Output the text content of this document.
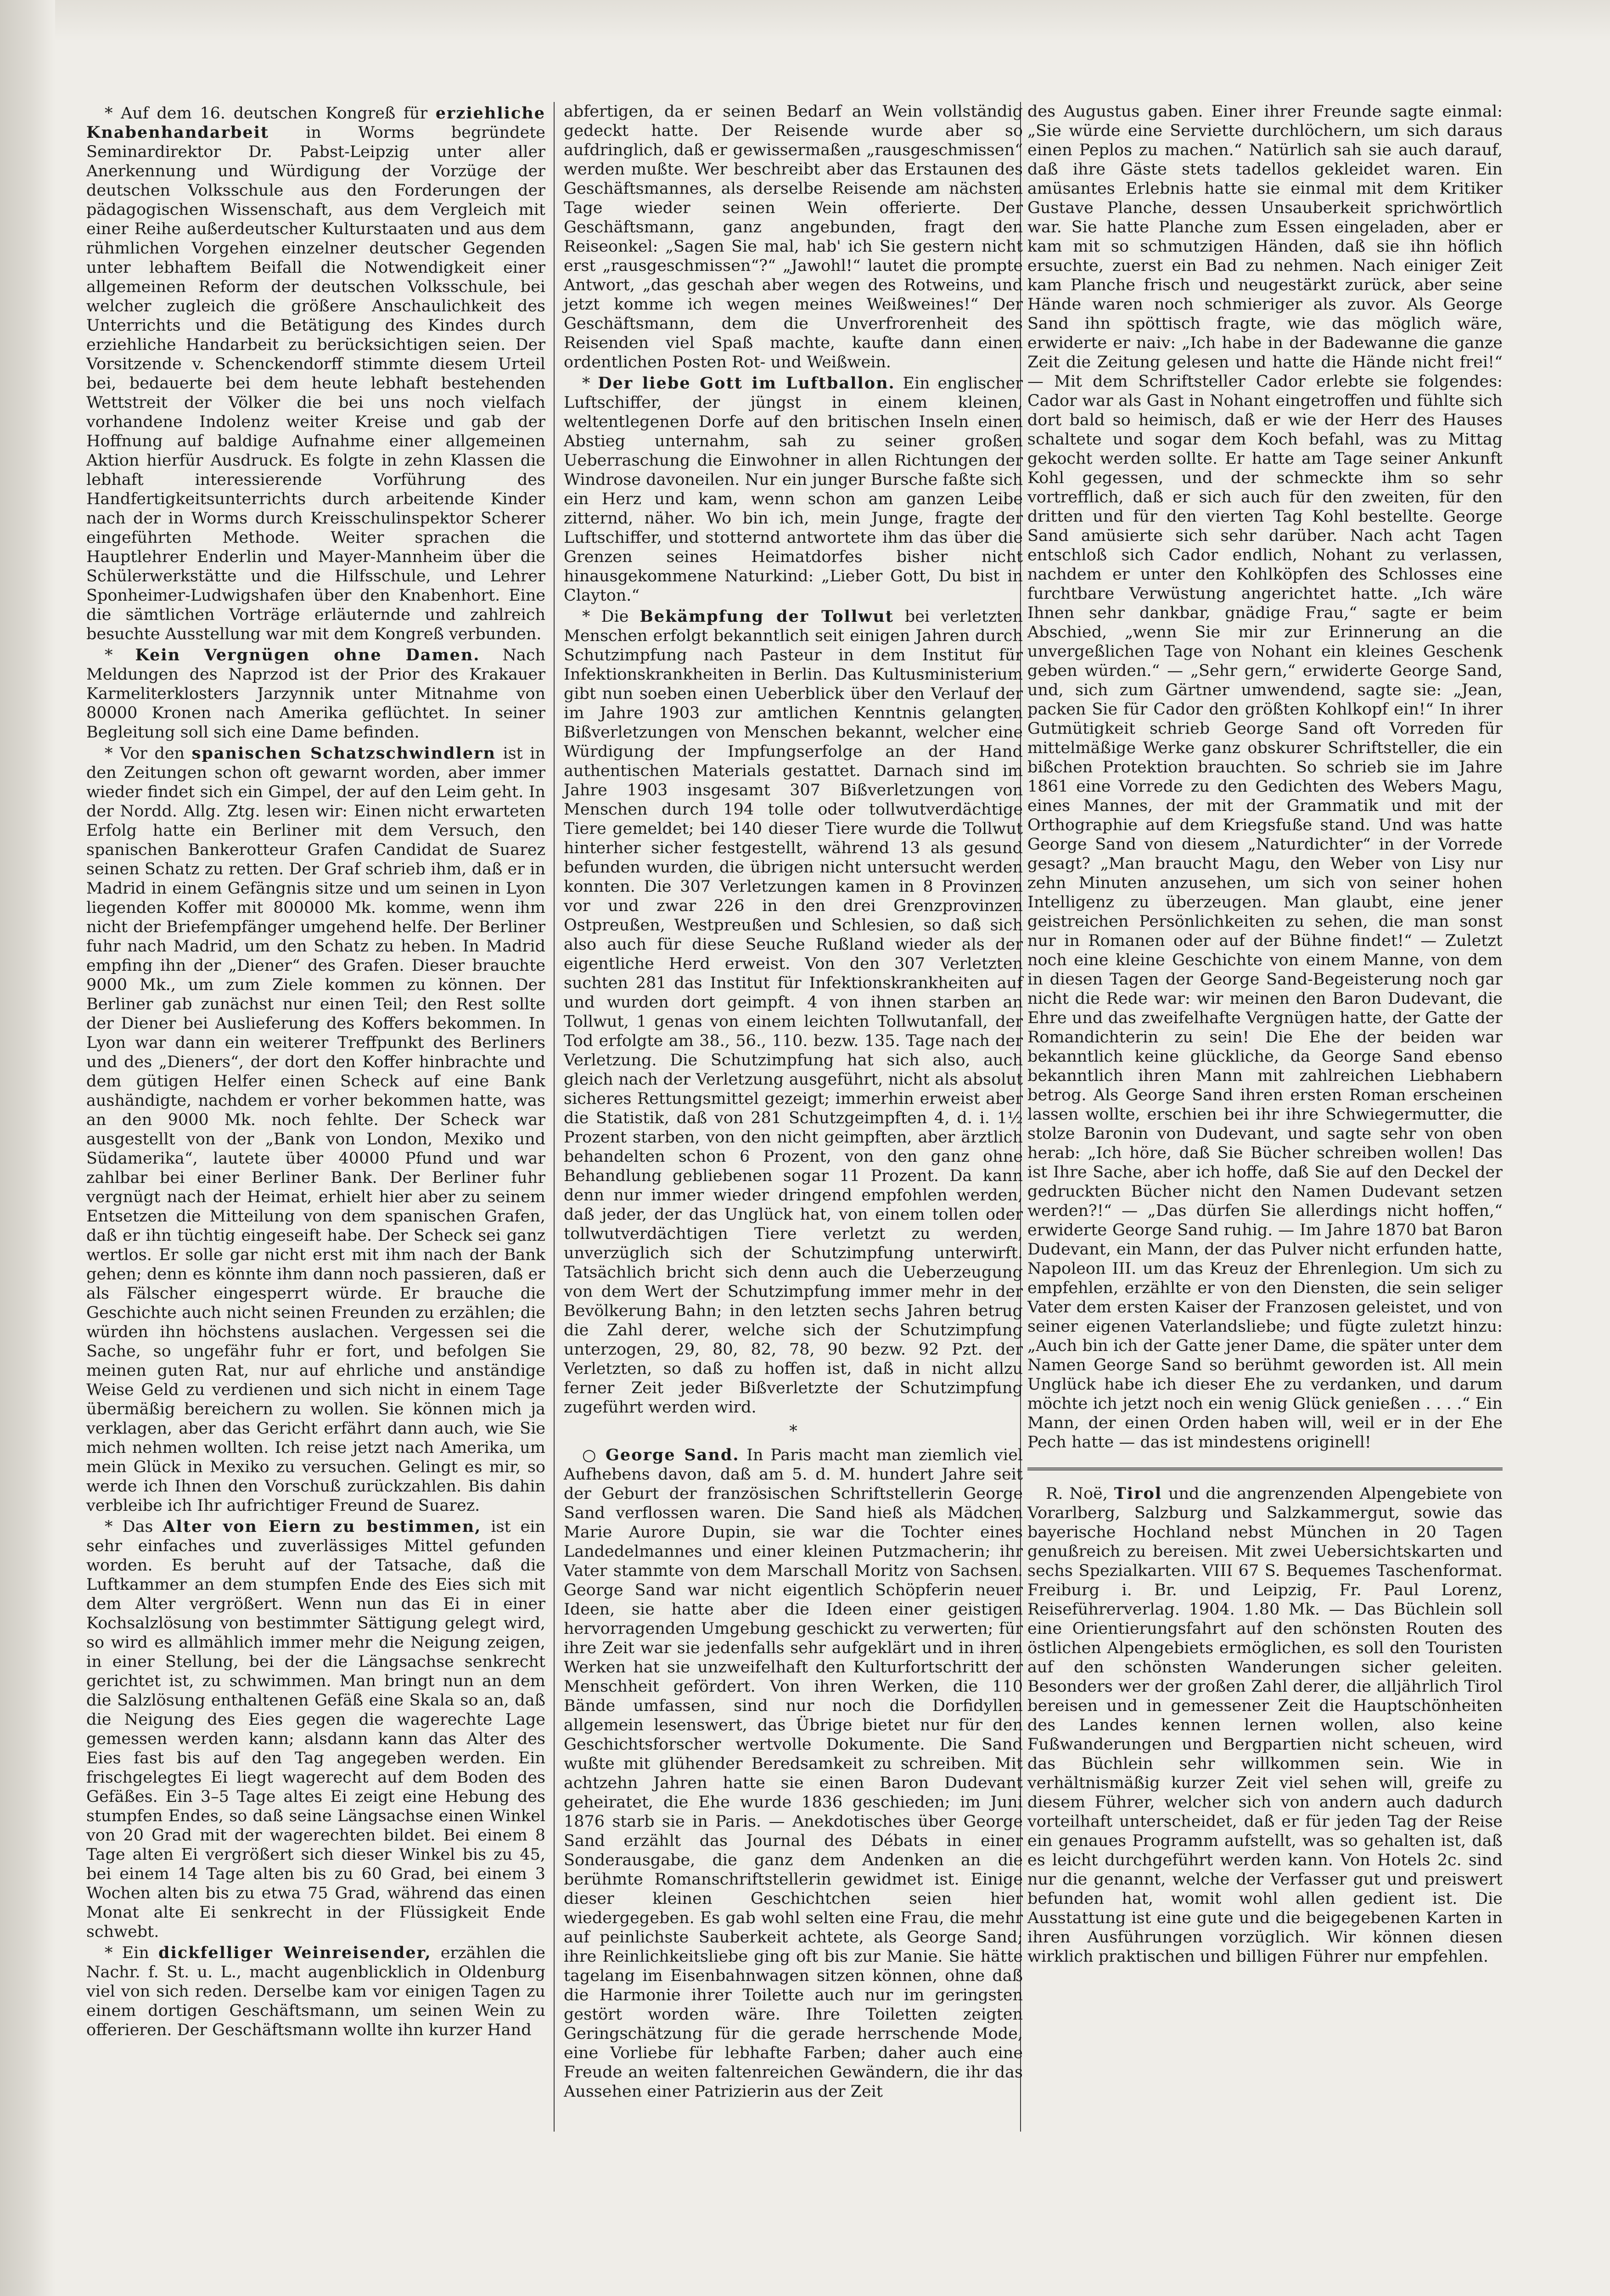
* Auf dem 16. deutschen Kongreß für erziehliche Knabenhandarbeit in Worms begründete Seminardirektor Dr. Pabst-Leipzig unter aller Anerkennung und Würdigung der Vorzüge der deutschen Volksschule aus den Forderungen der pädagogischen Wissenschaft, aus dem Vergleich mit einer Reihe außerdeutscher Kulturstaaten und aus dem rühmlichen Vorgehen einzelner deutscher Gegenden unter lebhaftem Beifall die Notwendigkeit einer allgemeinen Reform der deutschen Volksschule, bei welcher zugleich die größere Anschaulichkeit des Unterrichts und die Betätigung des Kindes durch erziehliche Handarbeit zu berücksichtigen seien. Der Vorsitzende v. Schenckendorff stimmte diesem Urteil bei, bedauerte bei dem heute lebhaft bestehenden Wettstreit der Völker die bei uns noch vielfach vorhandene Indolenz weiter Kreise und gab der Hoffnung auf baldige Aufnahme einer allgemeinen Aktion hierfür Ausdruck. Es folgte in zehn Klassen die lebhaft interessierende Vorführung des Handfertigkeitsunterrichts durch arbeitende Kinder nach der in Worms durch Kreisschulinspektor Scherer eingeführten Methode. Weiter sprachen die Hauptlehrer Enderlin und Mayer-Mannheim über die Schülerwerkstätte und die Hilfsschule, und Lehrer Sponheimer-Ludwigshafen über den Knabenhort. Eine die sämtlichen Vorträge erläuternde und zahlreich besuchte Ausstellung war mit dem Kongreß verbunden.

* Kein Vergnügen ohne Damen. Nach Meldungen des Naprzod ist der Prior des Krakauer Karmeliterklosters Jarzynnik unter Mitnahme von 80000 Kronen nach Amerika geflüchtet. In seiner Begleitung soll sich eine Dame befinden.

* Vor den spanischen Schatzschwindlern ist in den Zeitungen schon oft gewarnt worden, aber immer wieder findet sich ein Gimpel, der auf den Leim geht. In der Nordd. Allg. Ztg. lesen wir: Einen nicht erwarteten Erfolg hatte ein Berliner mit dem Versuch, den spanischen Bankerotteur Grafen Candidat de Suarez seinen Schatz zu retten. Der Graf schrieb ihm, daß er in Madrid in einem Gefängnis sitze und um seinen in Lyon liegenden Koffer mit 800000 Mk. komme, wenn ihm nicht der Briefempfänger umgehend helfe. Der Berliner fuhr nach Madrid, um den Schatz zu heben. In Madrid empfing ihn der „Diener“ des Grafen. Dieser brauchte 9000 Mk., um zum Ziele kommen zu können. Der Berliner gab zunächst nur einen Teil; den Rest sollte der Diener bei Auslieferung des Koffers bekommen. In Lyon war dann ein weiterer Treffpunkt des Berliners und des „Dieners“, der dort den Koffer hinbrachte und dem gütigen Helfer einen Scheck auf eine Bank aushändigte, nachdem er vorher bekommen hatte, was an den 9000 Mk. noch fehlte. Der Scheck war ausgestellt von der „Bank von London, Mexiko und Südamerika“, lautete über 40000 Pfund und war zahlbar bei einer Berliner Bank. Der Berliner fuhr vergnügt nach der Heimat, erhielt hier aber zu seinem Entsetzen die Mitteilung von dem spanischen Grafen, daß er ihn tüchtig eingeseift habe. Der Scheck sei ganz wertlos. Er solle gar nicht erst mit ihm nach der Bank gehen; denn es könnte ihm dann noch passieren, daß er als Fälscher eingesperrt würde. Er brauche die Geschichte auch nicht seinen Freunden zu erzählen; die würden ihn höchstens auslachen. Vergessen sei die Sache, so ungefähr fuhr er fort, und befolgen Sie meinen guten Rat, nur auf ehrliche und anständige Weise Geld zu verdienen und sich nicht in einem Tage übermäßig bereichern zu wollen. Sie können mich ja verklagen, aber das Gericht erfährt dann auch, wie Sie mich nehmen wollten. Ich reise jetzt nach Amerika, um mein Glück in Mexiko zu versuchen. Gelingt es mir, so werde ich Ihnen den Vorschuß zurückzahlen. Bis dahin verbleibe ich Ihr aufrichtiger Freund de Suarez.

* Das Alter von Eiern zu bestimmen, ist ein sehr einfaches und zuverlässiges Mittel gefunden worden. Es beruht auf der Tatsache, daß die Luftkammer an dem stumpfen Ende des Eies sich mit dem Alter vergrößert. Wenn nun das Ei in einer Kochsalzlösung von bestimmter Sättigung gelegt wird, so wird es allmählich immer mehr die Neigung zeigen, in einer Stellung, bei der die Längsachse senkrecht gerichtet ist, zu schwimmen. Man bringt nun an dem die Salzlösung enthaltenen Gefäß eine Skala so an, daß die Neigung des Eies gegen die wagerechte Lage gemessen werden kann; alsdann kann das Alter des Eies fast bis auf den Tag angegeben werden. Ein frischgelegtes Ei liegt wagerecht auf dem Boden des Gefäßes. Ein 3–5 Tage altes Ei zeigt eine Hebung des stumpfen Endes, so daß seine Längsachse einen Winkel von 20 Grad mit der wagerechten bildet. Bei einem 8 Tage alten Ei vergrößert sich dieser Winkel bis zu 45, bei einem 14 Tage alten bis zu 60 Grad, bei einem 3 Wochen alten bis zu etwa 75 Grad, während das einen Monat alte Ei senkrecht in der Flüssigkeit Ende schwebt.

* Ein dickfelliger Weinreisender, erzählen die Nachr. f. St. u. L., macht augenblicklich in Oldenburg viel von sich reden. Derselbe kam vor einigen Tagen zu einem dortigen Geschäftsmann, um seinen Wein zu offerieren. Der Geschäftsmann wollte ihn kurzer Hand

abfertigen, da er seinen Bedarf an Wein vollständig gedeckt hatte. Der Reisende wurde aber so aufdringlich, daß er gewissermaßen „rausgeschmissen“ werden mußte. Wer beschreibt aber das Erstaunen des Geschäftsmannes, als derselbe Reisende am nächsten Tage wieder seinen Wein offerierte. Der Geschäftsmann, ganz angebunden, fragt den Reiseonkel: „Sagen Sie mal, hab' ich Sie gestern nicht erst „rausgeschmissen“?“ „Jawohl!“ lautet die prompte Antwort, „das geschah aber wegen des Rotweins, und jetzt komme ich wegen meines Weißweines!“ Der Geschäftsmann, dem die Unverfrorenheit des Reisenden viel Spaß machte, kaufte dann einen ordentlichen Posten Rot- und Weißwein.

* Der liebe Gott im Luftballon. Ein englischer Luftschiffer, der jüngst in einem kleinen, weltentlegenen Dorfe auf den britischen Inseln einen Abstieg unternahm, sah zu seiner großen Ueberraschung die Einwohner in allen Richtungen der Windrose davoneilen. Nur ein junger Bursche faßte sich ein Herz und kam, wenn schon am ganzen Leibe zitternd, näher. Wo bin ich, mein Junge, fragte der Luftschiffer, und stotternd antwortete ihm das über die Grenzen seines Heimatdorfes bisher nicht hinausgekommene Naturkind: „Lieber Gott, Du bist in Clayton.“

* Die Bekämpfung der Tollwut bei verletzten Menschen erfolgt bekanntlich seit einigen Jahren durch Schutzimpfung nach Pasteur in dem Institut für Infektionskrankheiten in Berlin. Das Kultusministerium gibt nun soeben einen Ueberblick über den Verlauf der im Jahre 1903 zur amtlichen Kenntnis gelangten Bißverletzungen von Menschen bekannt, welcher eine Würdigung der Impfungserfolge an der Hand authentischen Materials gestattet. Darnach sind im Jahre 1903 insgesamt 307 Bißverletzungen von Menschen durch 194 tolle oder tollwutverdächtige Tiere gemeldet; bei 140 dieser Tiere wurde die Tollwut hinterher sicher festgestellt, während 13 als gesund befunden wurden, die übrigen nicht untersucht werden konnten. Die 307 Verletzungen kamen in 8 Provinzen vor und zwar 226 in den drei Grenzprovinzen Ostpreußen, Westpreußen und Schlesien, so daß sich also auch für diese Seuche Rußland wieder als der eigentliche Herd erweist. Von den 307 Verletzten suchten 281 das Institut für Infektionskrankheiten auf und wurden dort geimpft. 4 von ihnen starben an Tollwut, 1 genas von einem leichten Tollwutanfall, der Tod erfolgte am 38., 56., 110. bezw. 135. Tage nach der Verletzung. Die Schutzimpfung hat sich also, auch gleich nach der Verletzung ausgeführt, nicht als absolut sicheres Rettungsmittel gezeigt; immerhin erweist aber die Statistik, daß von 281 Schutzgeimpften 4, d. i. 1½ Prozent starben, von den nicht geimpften, aber ärztlich behandelten schon 6 Prozent, von den ganz ohne Behandlung gebliebenen sogar 11 Prozent. Da kann denn nur immer wieder dringend empfohlen werden, daß jeder, der das Unglück hat, von einem tollen oder tollwutverdächtigen Tiere verletzt zu werden, unverzüglich sich der Schutzimpfung unterwirft. Tatsächlich bricht sich denn auch die Ueberzeugung von dem Wert der Schutzimpfung immer mehr in der Bevölkerung Bahn; in den letzten sechs Jahren betrug die Zahl derer, welche sich der Schutzimpfung unterzogen, 29, 80, 82, 78, 90 bezw. 92 Pzt. der Verletzten, so daß zu hoffen ist, daß in nicht allzu ferner Zeit jeder Bißverletzte der Schutzimpfung zugeführt werden wird.

*

○ George Sand. In Paris macht man ziemlich viel Aufhebens davon, daß am 5. d. M. hundert Jahre seit der Geburt der französischen Schriftstellerin George Sand verflossen waren. Die Sand hieß als Mädchen Marie Aurore Dupin, sie war die Tochter eines Landedelmannes und einer kleinen Putzmacherin; ihr Vater stammte von dem Marschall Moritz von Sachsen. George Sand war nicht eigentlich Schöpferin neuer Ideen, sie hatte aber die Ideen einer geistigen hervorragenden Umgebung geschickt zu verwerten; für ihre Zeit war sie jedenfalls sehr aufgeklärt und in ihren Werken hat sie unzweifelhaft den Kulturfortschritt der Menschheit gefördert. Von ihren Werken, die 110 Bände umfassen, sind nur noch die Dorfidyllen allgemein lesenswert, das Übrige bietet nur für den Geschichtsforscher wertvolle Dokumente. Die Sand wußte mit glühender Beredsamkeit zu schreiben. Mit achtzehn Jahren hatte sie einen Baron Dudevant geheiratet, die Ehe wurde 1836 geschieden; im Juni 1876 starb sie in Paris. — Anekdotisches über George Sand erzählt das Journal des Débats in einer Sonderausgabe, die ganz dem Andenken an die berühmte Romanschriftstellerin gewidmet ist. Einige dieser kleinen Geschichtchen seien hier wiedergegeben. Es gab wohl selten eine Frau, die mehr auf peinlichste Sauberkeit achtete, als George Sand; ihre Reinlichkeitsliebe ging oft bis zur Manie. Sie hätte tagelang im Eisenbahnwagen sitzen können, ohne daß die Harmonie ihrer Toilette auch nur im geringsten gestört worden wäre. Ihre Toiletten zeigten Geringschätzung für die gerade herrschende Mode, eine Vorliebe für lebhafte Farben; daher auch eine Freude an weiten faltenreichen Gewändern, die ihr das Aussehen einer Patrizierin aus der Zeit

des Augustus gaben. Einer ihrer Freunde sagte einmal: „Sie würde eine Serviette durchlöchern, um sich daraus einen Peplos zu machen.“ Natürlich sah sie auch darauf, daß ihre Gäste stets tadellos gekleidet waren. Ein amüsantes Erlebnis hatte sie einmal mit dem Kritiker Gustave Planche, dessen Unsauberkeit sprichwörtlich war. Sie hatte Planche zum Essen eingeladen, aber er kam mit so schmutzigen Händen, daß sie ihn höflich ersuchte, zuerst ein Bad zu nehmen. Nach einiger Zeit kam Planche frisch und neugestärkt zurück, aber seine Hände waren noch schmieriger als zuvor. Als George Sand ihn spöttisch fragte, wie das möglich wäre, erwiderte er naiv: „Ich habe in der Badewanne die ganze Zeit die Zeitung gelesen und hatte die Hände nicht frei!“ — Mit dem Schriftsteller Cador erlebte sie folgendes: Cador war als Gast in Nohant eingetroffen und fühlte sich dort bald so heimisch, daß er wie der Herr des Hauses schaltete und sogar dem Koch befahl, was zu Mittag gekocht werden sollte. Er hatte am Tage seiner Ankunft Kohl gegessen, und der schmeckte ihm so sehr vortrefflich, daß er sich auch für den zweiten, für den dritten und für den vierten Tag Kohl bestellte. George Sand amüsierte sich sehr darüber. Nach acht Tagen entschloß sich Cador endlich, Nohant zu verlassen, nachdem er unter den Kohlköpfen des Schlosses eine furchtbare Verwüstung angerichtet hatte. „Ich wäre Ihnen sehr dankbar, gnädige Frau,“ sagte er beim Abschied, „wenn Sie mir zur Erinnerung an die unvergeßlichen Tage von Nohant ein kleines Geschenk geben würden.“ — „Sehr gern,“ erwiderte George Sand, und, sich zum Gärtner umwendend, sagte sie: „Jean, packen Sie für Cador den größten Kohlkopf ein!“ In ihrer Gutmütigkeit schrieb George Sand oft Vorreden für mittelmäßige Werke ganz obskurer Schriftsteller, die ein bißchen Protektion brauchten. So schrieb sie im Jahre 1861 eine Vorrede zu den Gedichten des Webers Magu, eines Mannes, der mit der Grammatik und mit der Orthographie auf dem Kriegsfuße stand. Und was hatte George Sand von diesem „Naturdichter“ in der Vorrede gesagt? „Man braucht Magu, den Weber von Lisy nur zehn Minuten anzusehen, um sich von seiner hohen Intelligenz zu überzeugen. Man glaubt, eine jener geistreichen Persönlichkeiten zu sehen, die man sonst nur in Romanen oder auf der Bühne findet!“ — Zuletzt noch eine kleine Geschichte von einem Manne, von dem in diesen Tagen der George Sand-Begeisterung noch gar nicht die Rede war: wir meinen den Baron Dudevant, die Ehre und das zweifelhafte Vergnügen hatte, der Gatte der Romandichterin zu sein! Die Ehe der beiden war bekanntlich keine glückliche, da George Sand ebenso bekanntlich ihren Mann mit zahlreichen Liebhabern betrog. Als George Sand ihren ersten Roman erscheinen lassen wollte, erschien bei ihr ihre Schwiegermutter, die stolze Baronin von Dudevant, und sagte sehr von oben herab: „Ich höre, daß Sie Bücher schreiben wollen! Das ist Ihre Sache, aber ich hoffe, daß Sie auf den Deckel der gedruckten Bücher nicht den Namen Dudevant setzen werden?!“ — „Das dürfen Sie allerdings nicht hoffen,“ erwiderte George Sand ruhig. — Im Jahre 1870 bat Baron Dudevant, ein Mann, der das Pulver nicht erfunden hatte, Napoleon III. um das Kreuz der Ehrenlegion. Um sich zu empfehlen, erzählte er von den Diensten, die sein seliger Vater dem ersten Kaiser der Franzosen geleistet, und von seiner eigenen Vaterlandsliebe; und fügte zuletzt hinzu: „Auch bin ich der Gatte jener Dame, die später unter dem Namen George Sand so berühmt geworden ist. All mein Unglück habe ich dieser Ehe zu verdanken, und darum möchte ich jetzt noch ein wenig Glück genießen . . . .“ Ein Mann, der einen Orden haben will, weil er in der Ehe Pech hatte — das ist mindestens originell!

R. Noë, Tirol und die angrenzenden Alpengebiete von Vorarlberg, Salzburg und Salzkammergut, sowie das bayerische Hochland nebst München in 20 Tagen genußreich zu bereisen. Mit zwei Uebersichtskarten und sechs Spezialkarten. VIII 67 S. Bequemes Taschenformat. Freiburg i. Br. und Leipzig, Fr. Paul Lorenz, Reiseführerverlag. 1904. 1.80 Mk. — Das Büchlein soll eine Orientierungsfahrt auf den schönsten Routen des östlichen Alpengebiets ermöglichen, es soll den Touristen auf den schönsten Wanderungen sicher geleiten. Besonders wer der großen Zahl derer, die alljährlich Tirol bereisen und in gemessener Zeit die Hauptschönheiten des Landes kennen lernen wollen, also keine Fußwanderungen und Bergpartien nicht scheuen, wird das Büchlein sehr willkommen sein. Wie in verhältnismäßig kurzer Zeit viel sehen will, greife zu diesem Führer, welcher sich von andern auch dadurch vorteilhaft unterscheidet, daß er für jeden Tag der Reise ein genaues Programm aufstellt, was so gehalten ist, daß es leicht durchgeführt werden kann. Von Hotels 2c. sind nur die genannt, welche der Verfasser gut und preiswert befunden hat, womit wohl allen gedient ist. Die Ausstattung ist eine gute und die beigegebenen Karten in ihren Ausführungen vorzüglich. Wir können diesen wirklich praktischen und billigen Führer nur empfehlen.
